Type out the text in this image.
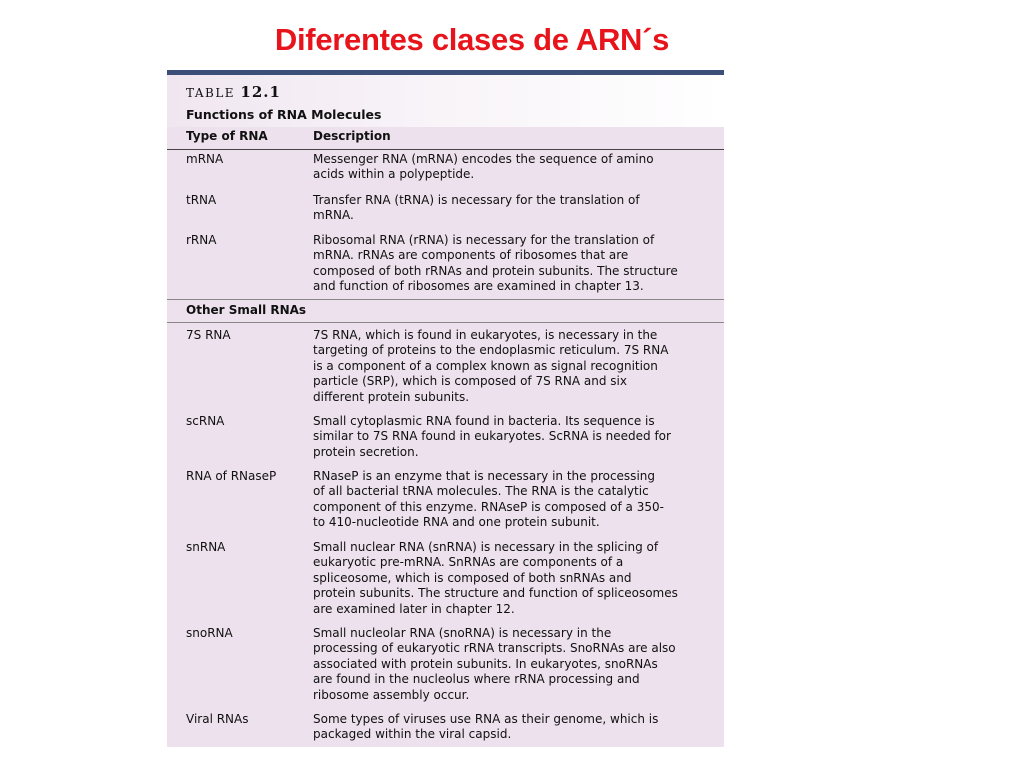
Diferentes clases de ARN´s
TABLE 12.1
Functions of RNA Molecules
Type of RNA	Description
mRNA	Messenger RNA (mRNA) encodes the sequence of amino
acids within a polypeptide.
tRNA	Transfer RNA (tRNA) is necessary for the translation of
mRNA.
rRNA	Ribosomal RNA (rRNA) is necessary for the translation of
mRNA. rRNAs are components of ribosomes that are
composed of both rRNAs and protein subunits. The structure
and function of ribosomes are examined in chapter 13.
Other Small RNAs
7S RNA	7S RNA, which is found in eukaryotes, is necessary in the
targeting of proteins to the endoplasmic reticulum. 7S RNA
is a component of a complex known as signal recognition
particle (SRP), which is composed of 7S RNA and six
different protein subunits.
scRNA	Small cytoplasmic RNA found in bacteria. Its sequence is
similar to 7S RNA found in eukaryotes. ScRNA is needed for
protein secretion.
RNA of RNaseP	RNaseP is an enzyme that is necessary in the processing
of all bacterial tRNA molecules. The RNA is the catalytic
component of this enzyme. RNAseP is composed of a 350-
to 410-nucleotide RNA and one protein subunit.
snRNA	Small nuclear RNA (snRNA) is necessary in the splicing of
eukaryotic pre-mRNA. SnRNAs are components of a
spliceosome, which is composed of both snRNAs and
protein subunits. The structure and function of spliceosomes
are examined later in chapter 12.
snoRNA	Small nucleolar RNA (snoRNA) is necessary in the
processing of eukaryotic rRNA transcripts. SnoRNAs are also
associated with protein subunits. In eukaryotes, snoRNAs
are found in the nucleolus where rRNA processing and
ribosome assembly occur.
Viral RNAs	Some types of viruses use RNA as their genome, which is
packaged within the viral capsid.
